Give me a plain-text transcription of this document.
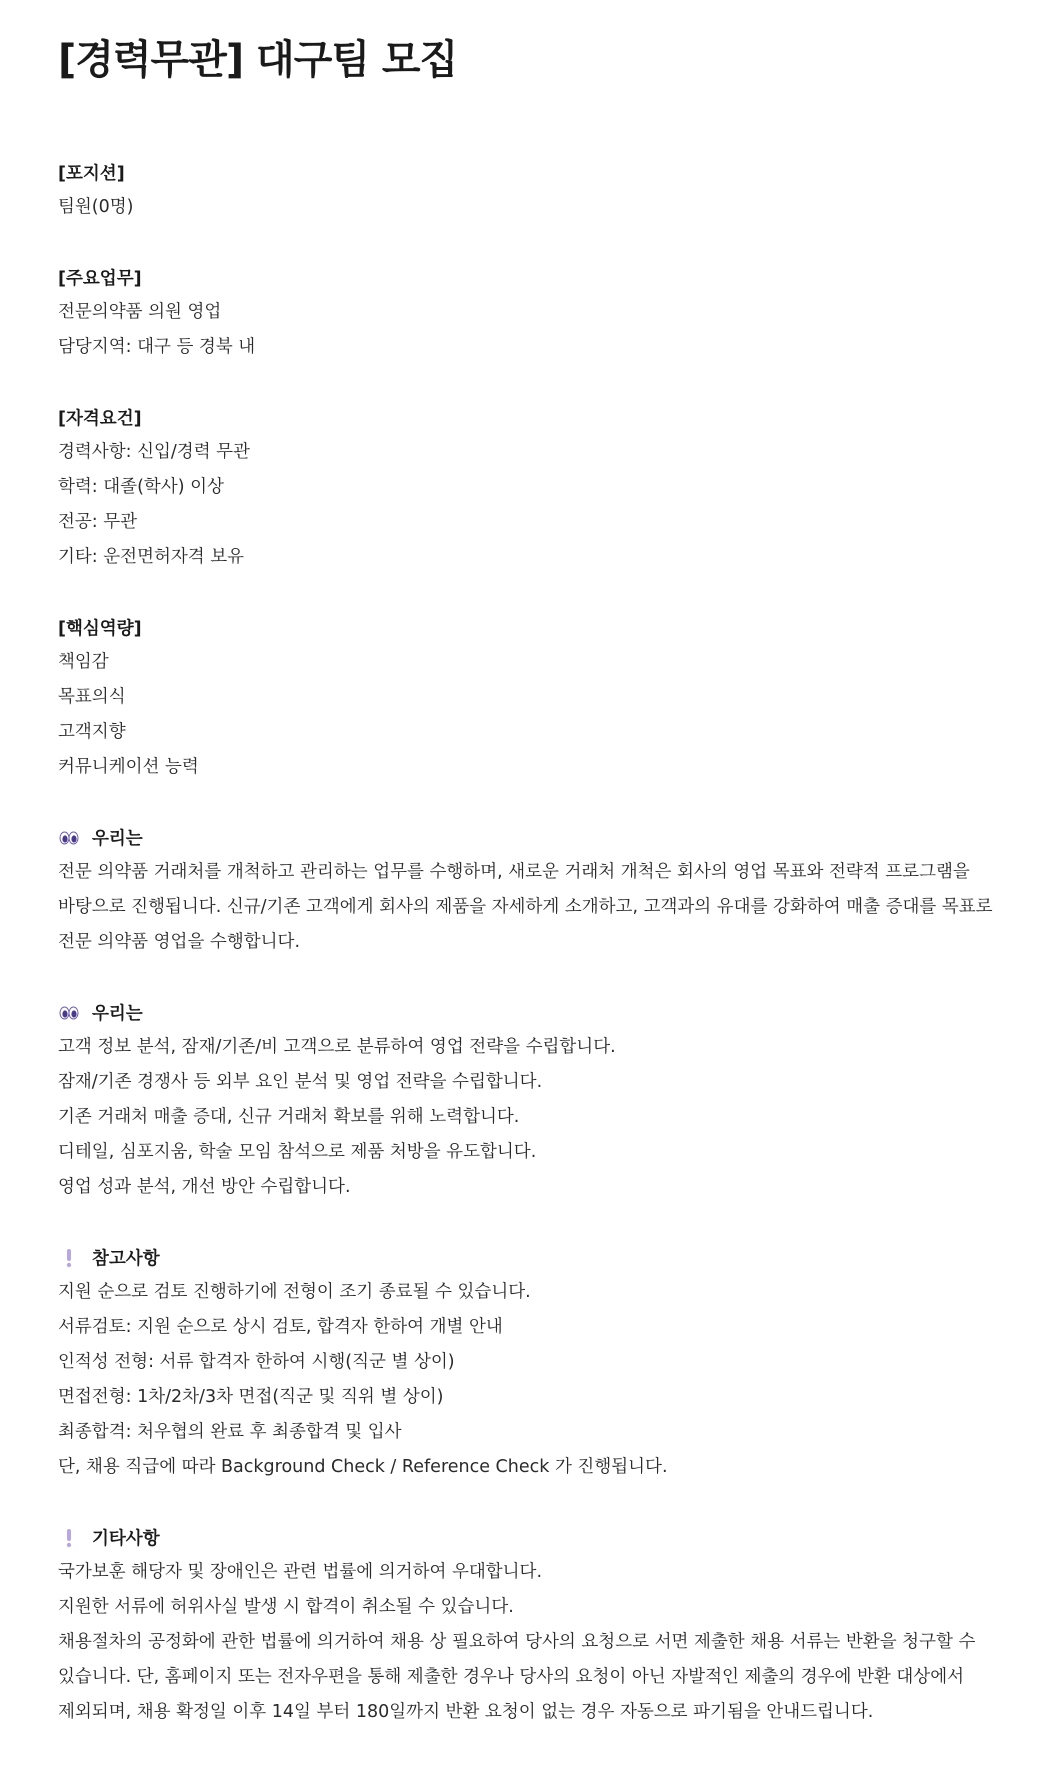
[경력무관] 대구팀 모집
[포지션]
팀원(0명)
[주요업무]
전문의약품 의원 영업
담당지역: 대구 등 경북 내
[자격요건]
경력사항: 신입/경력 무관
학력: 대졸(학사) 이상
전공: 무관
기타: 운전면허자격 보유
[핵심역량]
책임감
목표의식
고객지향
커뮤니케이션 능력
우리는
전문 의약품 거래처를 개척하고 관리하는 업무를 수행하며, 새로운 거래처 개척은 회사의 영업 목표와 전략적 프로그램을 바탕으로 진행됩니다. 신규/기존 고객에게 회사의 제품을 자세하게 소개하고, 고객과의 유대를 강화하여 매출 증대를 목표로 전문 의약품 영업을 수행합니다.
우리는
고객 정보 분석, 잠재/기존/비 고객으로 분류하여 영업 전략을 수립합니다.
잠재/기존 경쟁사 등 외부 요인 분석 및 영업 전략을 수립합니다.
기존 거래처 매출 증대, 신규 거래처 확보를 위해 노력합니다.
디테일, 심포지움, 학술 모임 참석으로 제품 처방을 유도합니다.
영업 성과 분석, 개선 방안 수립합니다.
참고사항
지원 순으로 검토 진행하기에 전형이 조기 종료될 수 있습니다.
서류검토: 지원 순으로 상시 검토, 합격자 한하여 개별 안내
인적성 전형: 서류 합격자 한하여 시행(직군 별 상이)
면접전형: 1차/2차/3차 면접(직군 및 직위 별 상이)
최종합격: 처우협의 완료 후 최종합격 및 입사
단, 채용 직급에 따라 Background Check / Reference Check 가 진행됩니다.
기타사항
국가보훈 해당자 및 장애인은 관련 법률에 의거하여 우대합니다.
지원한 서류에 허위사실 발생 시 합격이 취소될 수 있습니다.
채용절차의 공정화에 관한 법률에 의거하여 채용 상 필요하여 당사의 요청으로 서면 제출한 채용 서류는 반환을 청구할 수 있습니다. 단, 홈페이지 또는 전자우편을 통해 제출한 경우나 당사의 요청이 아닌 자발적인 제출의 경우에 반환 대상에서 제외되며, 채용 확정일 이후 14일 부터 180일까지 반환 요청이 없는 경우 자동으로 파기됨을 안내드립니다.
